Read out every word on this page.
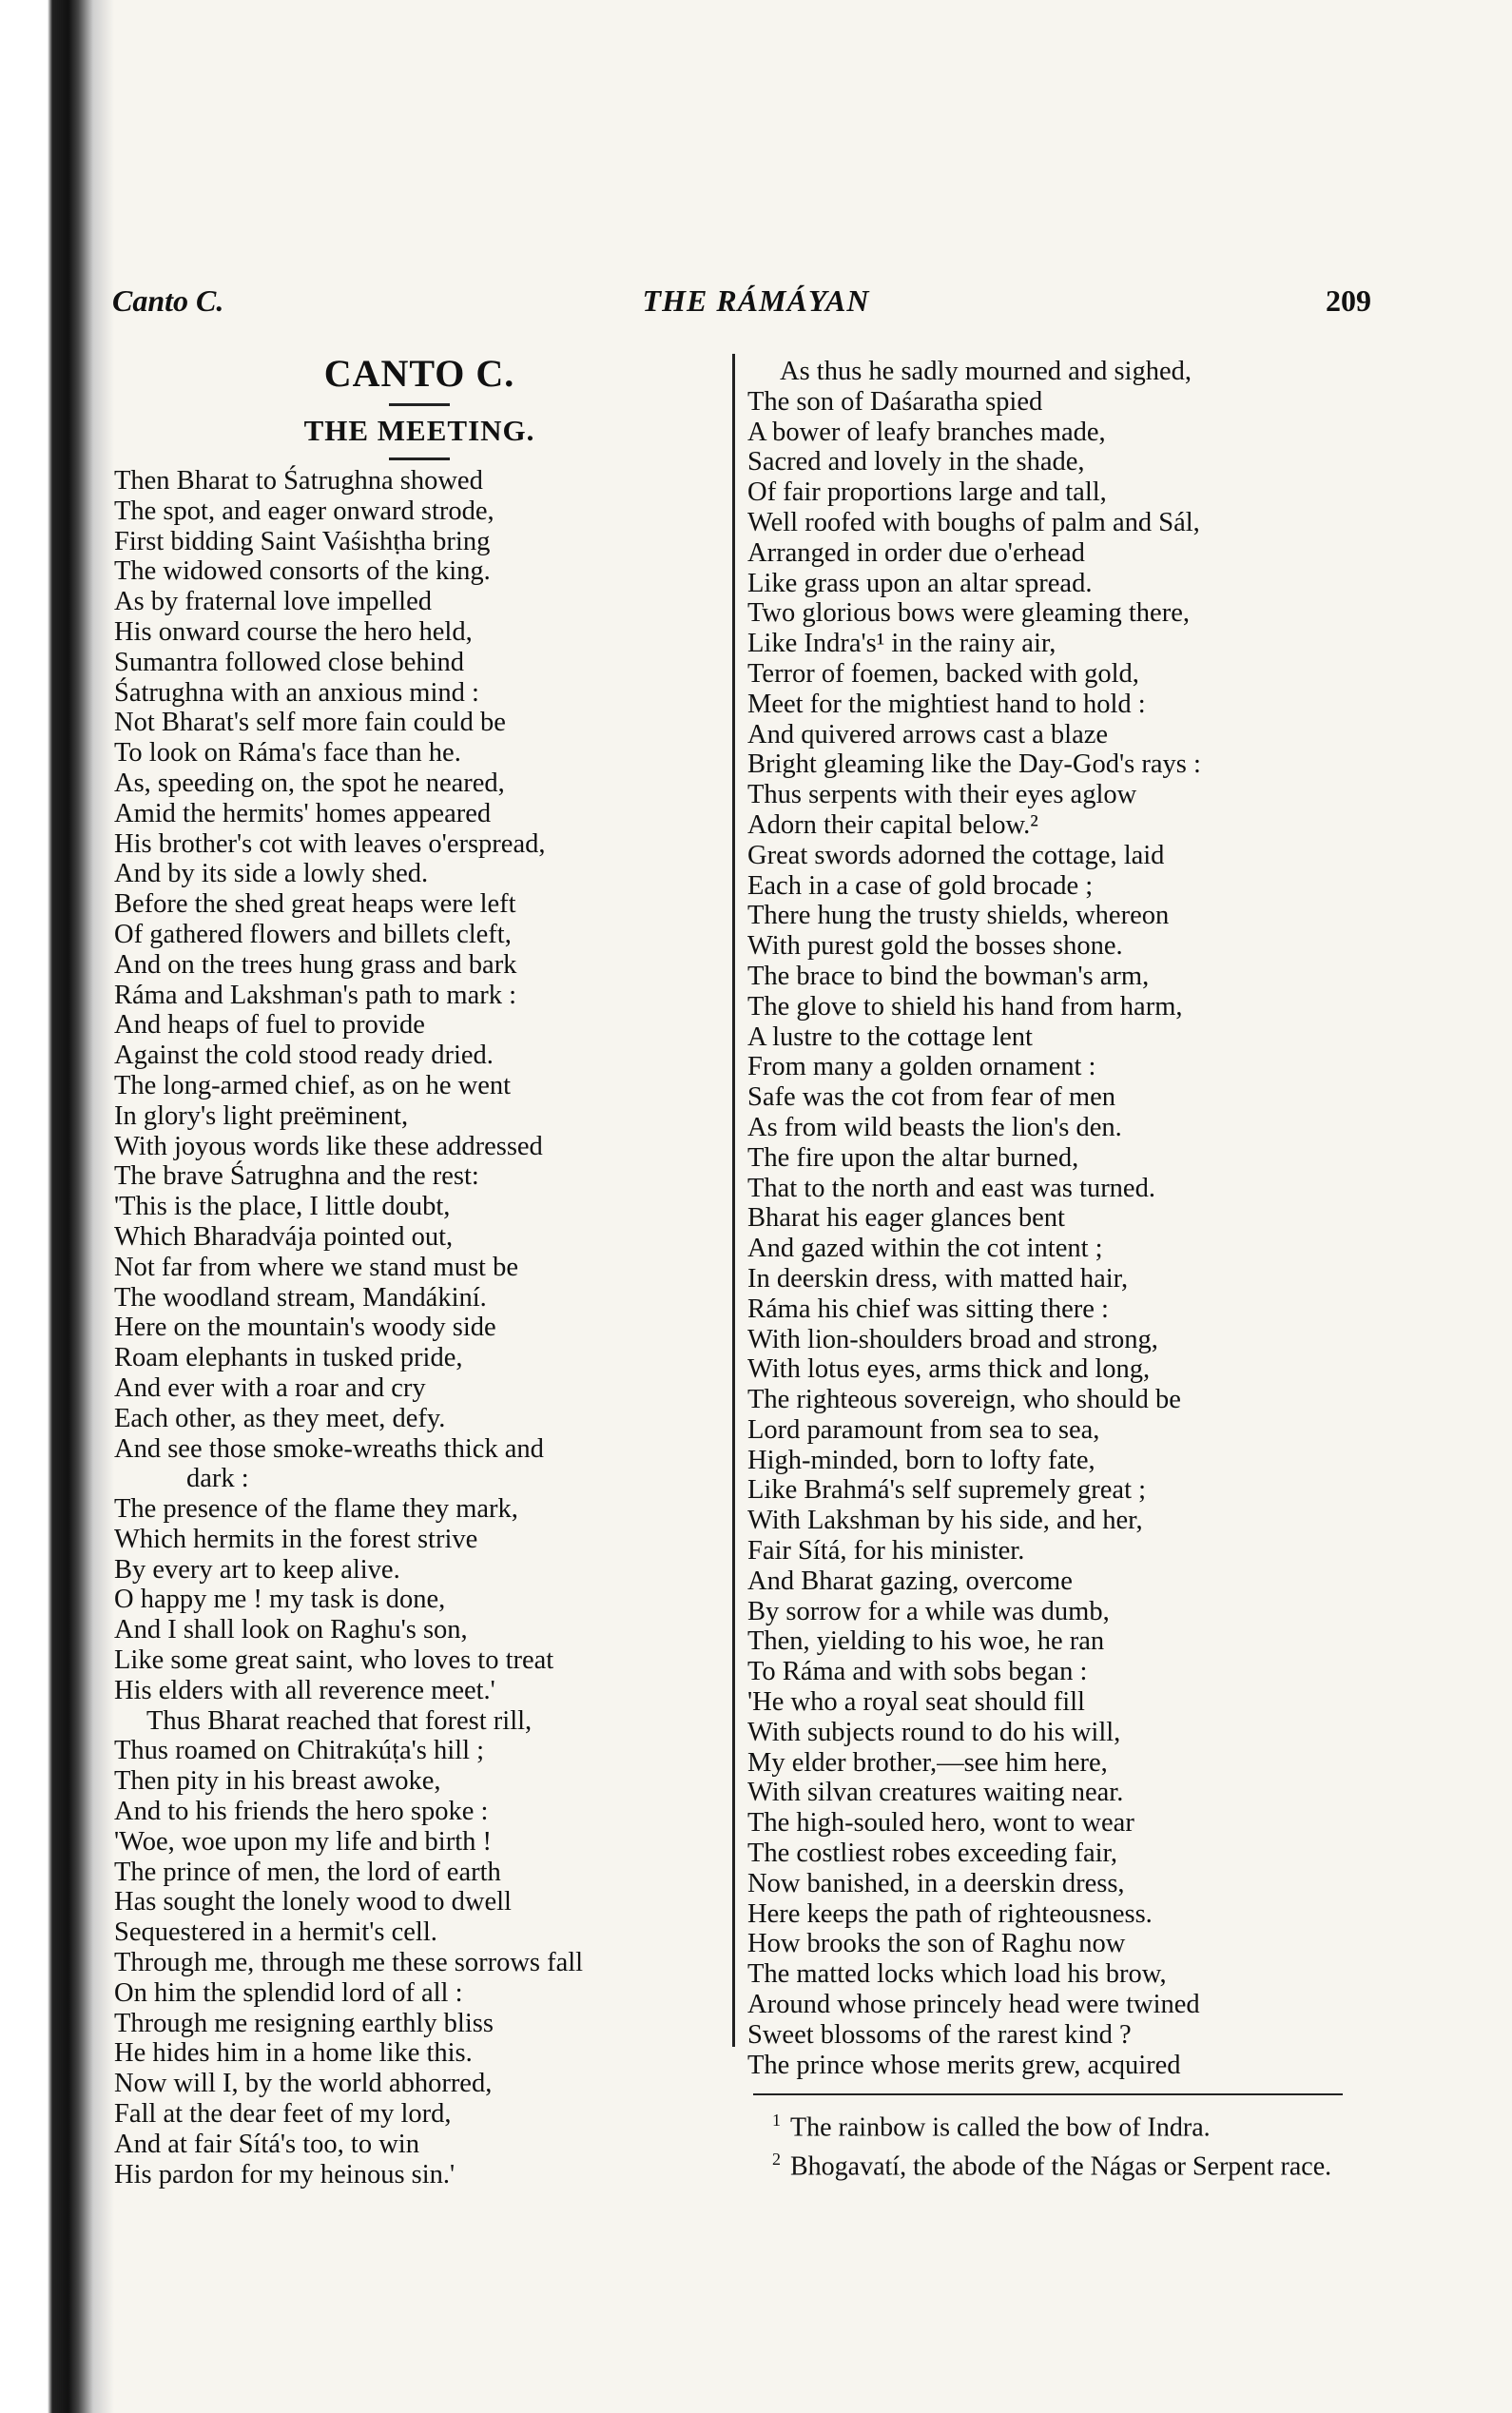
Canto C.	THE RÁMÁYAN	209
CANTO C.
THE MEETING.
Then Bharat to Śatrughna showed
The spot, and eager onward strode,
First bidding Saint Vaśishṭha bring
The widowed consorts of the king.
As by fraternal love impelled
His onward course the hero held,
Sumantra followed close behind
Śatrughna with an anxious mind :
Not Bharat's self more fain could be
To look on Ráma's face than he.
As, speeding on, the spot he neared,
Amid the hermits' homes appeared
His brother's cot with leaves o'erspread,
And by its side a lowly shed.
Before the shed great heaps were left
Of gathered flowers and billets cleft,
And on the trees hung grass and bark
Ráma and Lakshman's path to mark :
And heaps of fuel to provide
Against the cold stood ready dried.
The long-armed chief, as on he went
In glory's light preëminent,
With joyous words like these addressed
The brave Śatrughna and the rest:
'This is the place, I little doubt,
Which Bharadvája pointed out,
Not far from where we stand must be
The woodland stream, Mandákiní.
Here on the mountain's woody side
Roam elephants in tusked pride,
And ever with a roar and cry
Each other, as they meet, defy.
And see those smoke-wreaths thick and
dark :
The presence of the flame they mark,
Which hermits in the forest strive
By every art to keep alive.
O happy me ! my task is done,
And I shall look on Raghu's son,
Like some great saint, who loves to treat
His elders with all reverence meet.'
Thus Bharat reached that forest rill,
Thus roamed on Chitrakúṭa's hill ;
Then pity in his breast awoke,
And to his friends the hero spoke :
'Woe, woe upon my life and birth !
The prince of men, the lord of earth
Has sought the lonely wood to dwell
Sequestered in a hermit's cell.
Through me, through me these sorrows fall
On him the splendid lord of all :
Through me resigning earthly bliss
He hides him in a home like this.
Now will I, by the world abhorred,
Fall at the dear feet of my lord,
And at fair Sítá's too, to win
His pardon for my heinous sin.'
As thus he sadly mourned and sighed,
The son of Daśaratha spied
A bower of leafy branches made,
Sacred and lovely in the shade,
Of fair proportions large and tall,
Well roofed with boughs of palm and Sál,
Arranged in order due o'erhead
Like grass upon an altar spread.
Two glorious bows were gleaming there,
Like Indra's¹ in the rainy air,
Terror of foemen, backed with gold,
Meet for the mightiest hand to hold :
And quivered arrows cast a blaze
Bright gleaming like the Day-God's rays :
Thus serpents with their eyes aglow
Adorn their capital below.²
Great swords adorned the cottage, laid
Each in a case of gold brocade ;
There hung the trusty shields, whereon
With purest gold the bosses shone.
The brace to bind the bowman's arm,
The glove to shield his hand from harm,
A lustre to the cottage lent
From many a golden ornament :
Safe was the cot from fear of men
As from wild beasts the lion's den.
The fire upon the altar burned,
That to the north and east was turned.
Bharat his eager glances bent
And gazed within the cot intent ;
In deerskin dress, with matted hair,
Ráma his chief was sitting there :
With lion-shoulders broad and strong,
With lotus eyes, arms thick and long,
The righteous sovereign, who should be
Lord paramount from sea to sea,
High-minded, born to lofty fate,
Like Brahmá's self supremely great ;
With Lakshman by his side, and her,
Fair Sítá, for his minister.
And Bharat gazing, overcome
By sorrow for a while was dumb,
Then, yielding to his woe, he ran
To Ráma and with sobs began :
'He who a royal seat should fill
With subjects round to do his will,
My elder brother,—see him here,
With silvan creatures waiting near.
The high-souled hero, wont to wear
The costliest robes exceeding fair,
Now banished, in a deerskin dress,
Here keeps the path of righteousness.
How brooks the son of Raghu now
The matted locks which load his brow,
Around whose princely head were twined
Sweet blossoms of the rarest kind ?
The prince whose merits grew, acquired
$^1$ The rainbow is called the bow of Indra.
$^2$ Bhogavatí, the abode of the Nágas or Serpent race.
